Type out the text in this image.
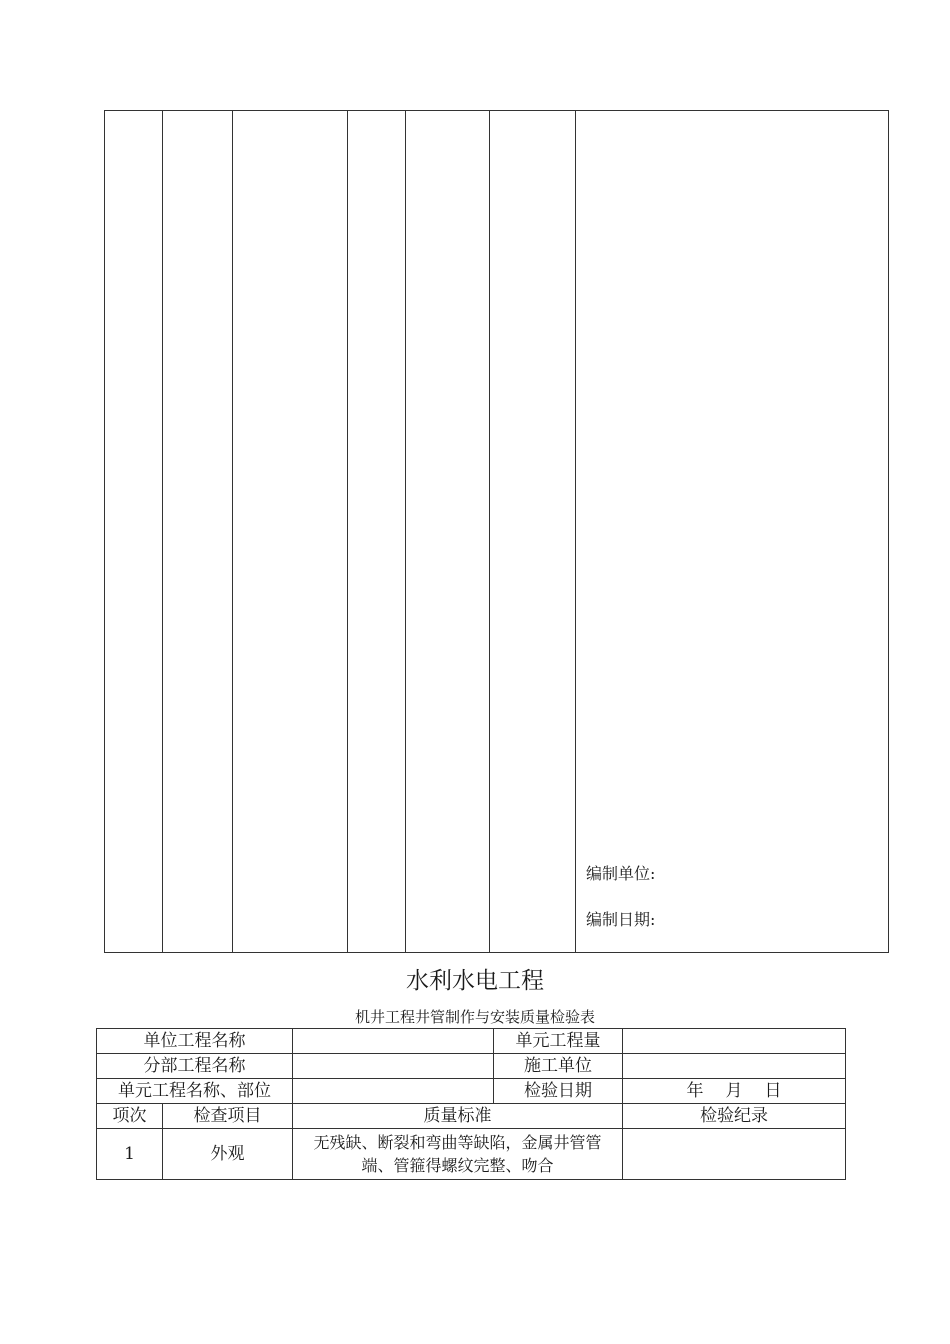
编制单位:
编制日期:
水利水电工程
机井工程井管制作与安装质量检验表
单位工程名称			单元工程量	
分部工程名称			施工单位	
单元工程名称、部位			检验日期	年 月 日
项次	检查项目	质量标准		检验纪录
1	外观	无残缺、断裂和弯曲等缺陷，金属井管管端、管箍得螺纹完整、吻合		
